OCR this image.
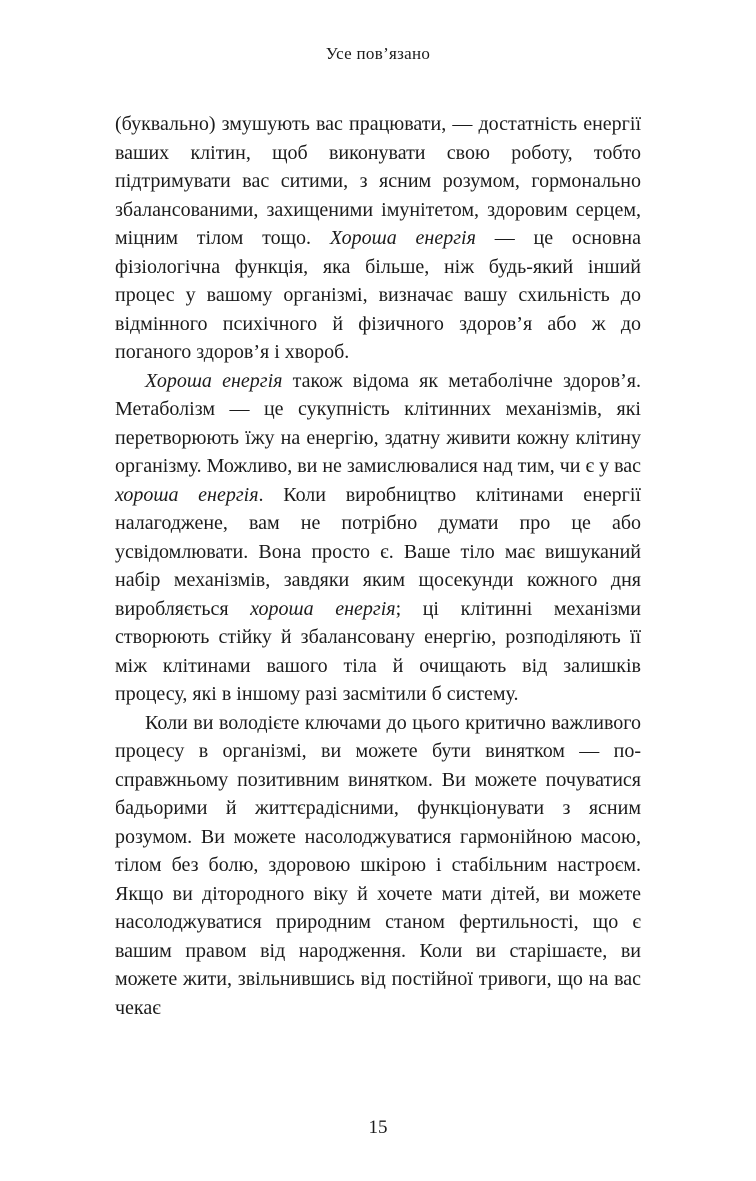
Усе пов’язано

(буквально) змушують вас працювати, — достатність енергії ваших клітин, щоб виконувати свою роботу, тобто підтримувати вас ситими, з ясним розумом, гормонально збалансованими, захищеними імунітетом, здоровим серцем, міцним тілом тощо. Хороша енергія — це основна фізіологічна функція, яка більше, ніж будь-який інший процес у вашому організмі, визначає вашу схильність до відмінного психічного й фізичного здоров’я або ж до поганого здоров’я і хвороб.

Хороша енергія також відома як метаболічне здоров’я. Метаболізм — це сукупність клітинних механізмів, які перетворюють їжу на енергію, здатну живити кожну клітину організму. Можливо, ви не замислювалися над тим, чи є у вас хороша енергія. Коли виробництво клітинами енергії налагоджене, вам не потрібно думати про це або усвідомлювати. Вона просто є. Ваше тіло має вишуканий набір механізмів, завдяки яким щосекунди кожного дня виробляється хороша енергія; ці клітинні механізми створюють стійку й збалансовану енергію, розподіляють її між клітинами вашого тіла й очищають від залишків процесу, які в іншому разі засмітили б систему.

Коли ви володієте ключами до цього критично важливого процесу в організмі, ви можете бути винятком — по-справжньому позитивним винятком. Ви можете почуватися бадьорими й життєрадісними, функціонувати з ясним розумом. Ви можете насолоджуватися гармонійною масою, тілом без болю, здоровою шкірою і стабільним настроєм. Якщо ви дітородного віку й хочете мати дітей, ви можете насолоджуватися природним станом фертильності, що є вашим правом від народження. Коли ви старішаєте, ви можете жити, звільнившись від постійної тривоги, що на вас чекає

15
